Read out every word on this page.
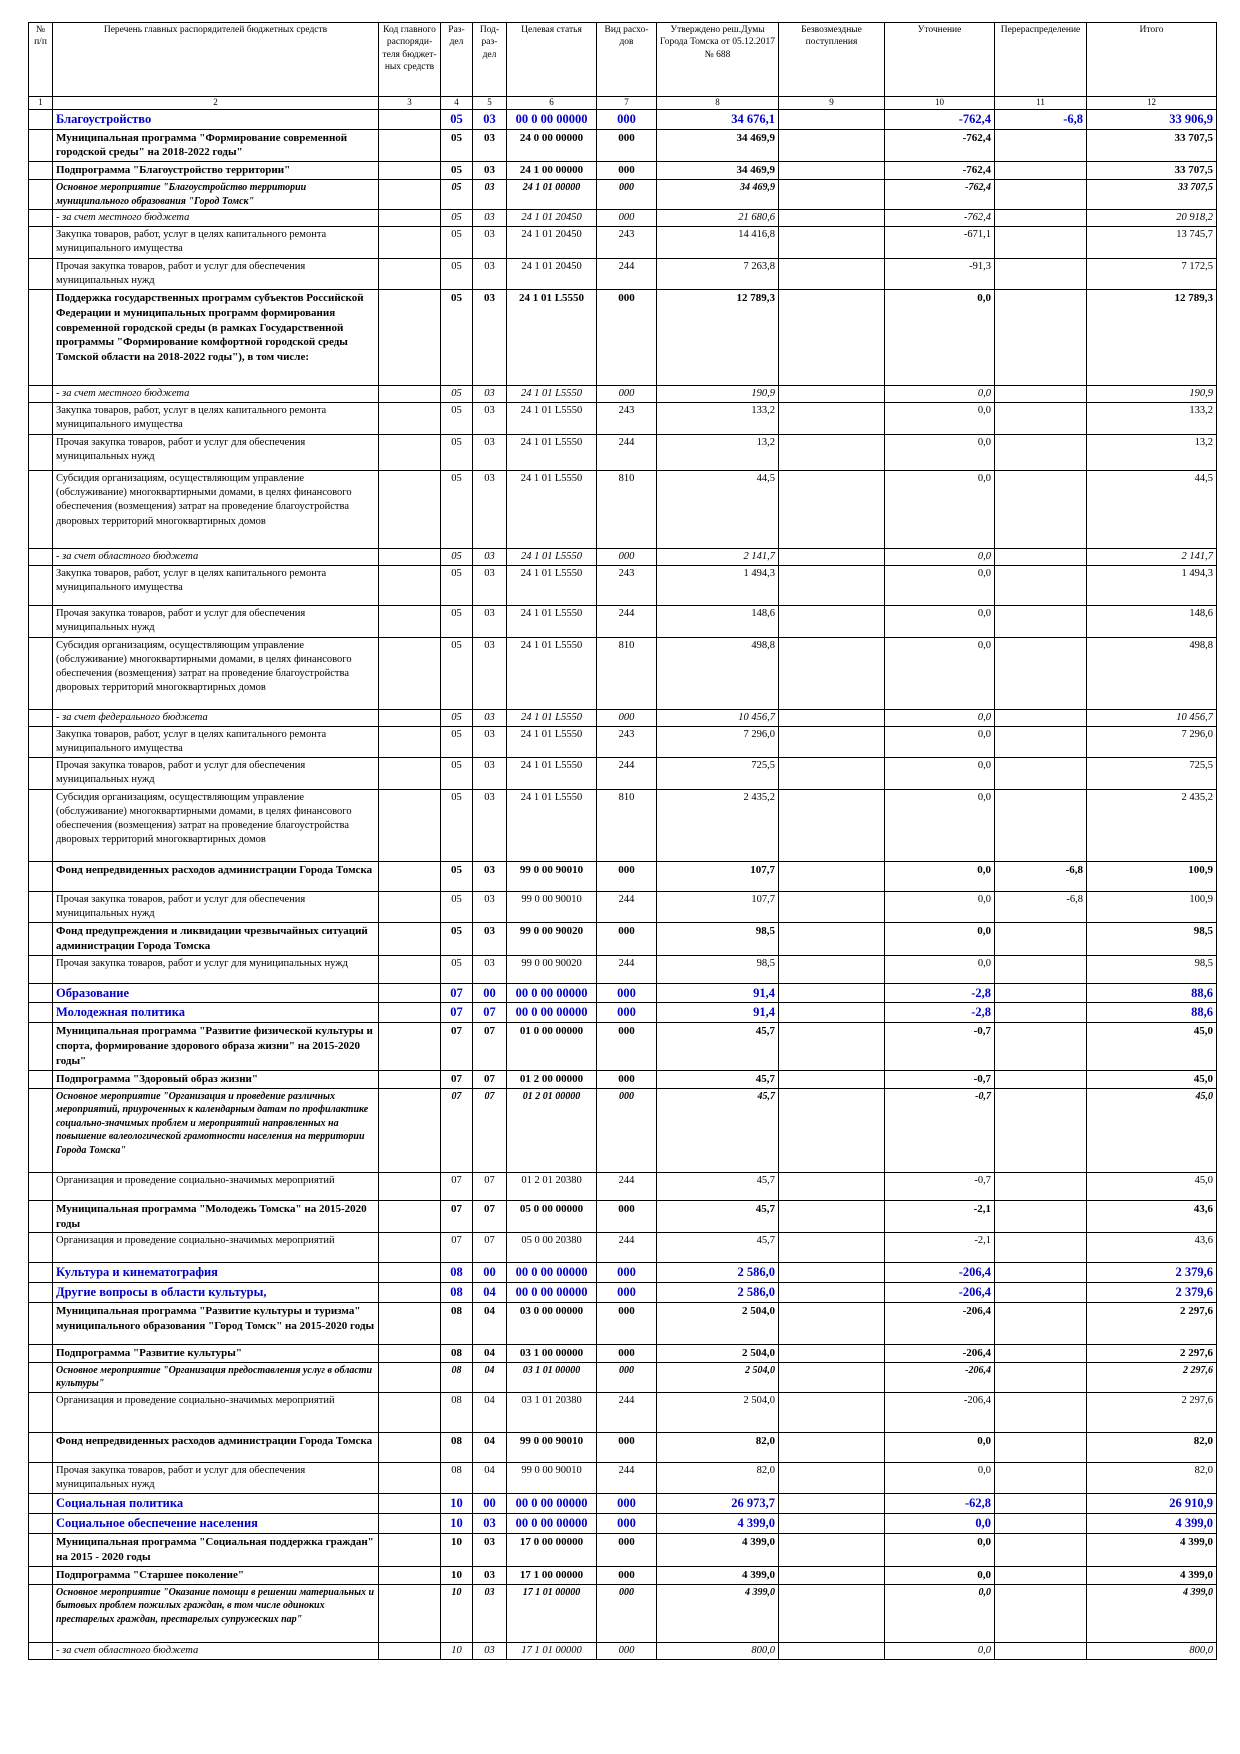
№ п/п	Перечень главных распорядителей бюджетных средств	Код главного распоряди-теля бюджет-ных средств	Раз-дел	Под-раз-дел	Целевая статья	Вид расхо-дов	Утверждено реш.Думы Города Томска от 05.12.2017 № 688	Безвозмездные поступления	Уточнение	Перераспределение	Итого
1	2	3	4	5	6	7	8	9	10	11	12
	Благоустройство		05	03	00 0 00 00000	000	34 676,1		-762,4	-6,8	33 906,9
	Муниципальная программа "Формирование современной городской среды" на 2018-2022 годы"		05	03	24 0 00 00000	000	34 469,9		-762,4		33 707,5
	Подпрограмма "Благоустройство территории"		05	03	24 1 00 00000	000	34 469,9		-762,4		33 707,5
	Основное мероприятие "Благоустройство территории муниципального образования "Город Томск"		05	03	24 1 01 00000	000	34 469,9		-762,4		33 707,5
	- за счет местного бюджета		05	03	24 1 01 20450	000	21 680,6		-762,4		20 918,2
	Закупка товаров, работ, услуг в целях капитального ремонта муниципального имущества		05	03	24 1 01 20450	243	14 416,8		-671,1		13 745,7
	Прочая закупка товаров, работ и услуг для обеспечения муниципальных нужд		05	03	24 1 01 20450	244	7 263,8		-91,3		7 172,5
	Поддержка государственных программ субъектов Российской Федерации и муниципальных программ формирования современной городской среды (в рамках Государственной программы "Формирование комфортной городской среды Томской области на 2018-2022 годы"), в том числе:		05	03	24 1 01 L5550	000	12 789,3		0,0		12 789,3
	- за счет местного бюджета		05	03	24 1 01 L5550	000	190,9		0,0		190,9
	Закупка товаров, работ, услуг в целях капитального ремонта муниципального имущества		05	03	24 1 01 L5550	243	133,2		0,0		133,2
	Прочая закупка товаров, работ и услуг для обеспечения муниципальных нужд		05	03	24 1 01 L5550	244	13,2		0,0		13,2
	Субсидия организациям, осуществляющим управление (обслуживание) многоквартирными домами, в целях финансового обеспечения (возмещения) затрат на проведение благоустройства дворовых территорий многоквартирных домов		05	03	24 1 01 L5550	810	44,5		0,0		44,5
	- за счет областного бюджета		05	03	24 1 01 L5550	000	2 141,7		0,0		2 141,7
	Закупка товаров, работ, услуг в целях капитального ремонта муниципального имущества		05	03	24 1 01 L5550	243	1 494,3		0,0		1 494,3
	Прочая закупка товаров, работ и услуг для обеспечения муниципальных нужд		05	03	24 1 01 L5550	244	148,6		0,0		148,6
	Субсидия организациям, осуществляющим управление (обслуживание) многоквартирными домами, в целях финансового обеспечения (возмещения) затрат на проведение благоустройства дворовых территорий многоквартирных домов		05	03	24 1 01 L5550	810	498,8		0,0		498,8
	- за счет федерального бюджета		05	03	24 1 01 L5550	000	10 456,7		0,0		10 456,7
	Закупка товаров, работ, услуг в целях капитального ремонта муниципального имущества		05	03	24 1 01 L5550	243	7 296,0		0,0		7 296,0
	Прочая закупка товаров, работ и услуг для обеспечения муниципальных нужд		05	03	24 1 01 L5550	244	725,5		0,0		725,5
	Субсидия организациям, осуществляющим управление (обслуживание) многоквартирными домами, в целях финансового обеспечения (возмещения) затрат на проведение благоустройства дворовых территорий многоквартирных домов		05	03	24 1 01 L5550	810	2 435,2		0,0		2 435,2
	Фонд непредвиденных расходов администрации Города Томска		05	03	99 0 00 90010	000	107,7		0,0	-6,8	100,9
	Прочая закупка товаров, работ и услуг для обеспечения муниципальных нужд		05	03	99 0 00 90010	244	107,7		0,0	-6,8	100,9
	Фонд предупреждения и ликвидации чрезвычайных ситуаций администрации Города Томска		05	03	99 0 00 90020	000	98,5		0,0		98,5
	Прочая закупка товаров, работ и услуг для муниципальных нужд		05	03	99 0 00 90020	244	98,5		0,0		98,5
	Образование		07	00	00 0 00 00000	000	91,4		-2,8		88,6
	Молодежная политика		07	07	00 0 00 00000	000	91,4		-2,8		88,6
	Муниципальная программа "Развитие физической культуры и спорта, формирование здорового образа жизни" на 2015-2020 годы"		07	07	01 0 00 00000	000	45,7		-0,7		45,0
	Подпрограмма "Здоровый образ жизни"		07	07	01 2 00 00000	000	45,7		-0,7		45,0
	Основное мероприятие "Организация и проведение различных мероприятий, приуроченных к календарным датам по профилактике социально-значимых проблем и мероприятий направленных на повышение валеологической грамотности населения на территории Города Томска"		07	07	01 2 01 00000	000	45,7		-0,7		45,0
	Организация и проведение социально-значимых мероприятий		07	07	01 2 01 20380	244	45,7		-0,7		45,0
	Муниципальная программа "Молодежь Томска" на 2015-2020 годы		07	07	05 0 00 00000	000	45,7		-2,1		43,6
	Организация и проведение социально-значимых мероприятий		07	07	05 0 00 20380	244	45,7		-2,1		43,6
	Культура и кинематография		08	00	00 0 00 00000	000	2 586,0		-206,4		2 379,6
	Другие вопросы в области культуры,		08	04	00 0 00 00000	000	2 586,0		-206,4		2 379,6
	Муниципальная программа "Развитие культуры и туризма" муниципального образования "Город Томск" на 2015-2020 годы		08	04	03 0 00 00000	000	2 504,0		-206,4		2 297,6
	Подпрограмма "Развитие культуры"		08	04	03 1 00 00000	000	2 504,0		-206,4		2 297,6
	Основное мероприятие "Организация предоставления услуг в области культуры"		08	04	03 1 01 00000	000	2 504,0		-206,4		2 297,6
	Организация и проведение социально-значимых мероприятий		08	04	03 1 01 20380	244	2 504,0		-206,4		2 297,6
	Фонд непредвиденных расходов администрации Города Томска		08	04	99 0 00 90010	000	82,0		0,0		82,0
	Прочая закупка товаров, работ и услуг для обеспечения муниципальных нужд		08	04	99 0 00 90010	244	82,0		0,0		82,0
	Социальная политика		10	00	00 0 00 00000	000	26 973,7		-62,8		26 910,9
	Социальное обеспечение населения		10	03	00 0 00 00000	000	4 399,0		0,0		4 399,0
	Муниципальная программа "Социальная поддержка граждан" на 2015 - 2020 годы		10	03	17 0 00 00000	000	4 399,0		0,0		4 399,0
	Подпрограмма "Старшее поколение"		10	03	17 1 00 00000	000	4 399,0		0,0		4 399,0
	Основное мероприятие "Оказание помощи в решении материальных и бытовых проблем пожилых граждан, в том числе одиноких престарелых граждан, престарелых супружеских пар"		10	03	17 1 01 00000	000	4 399,0		0,0		4 399,0
	- за счет областного бюджета		10	03	17 1 01 00000	000	800,0		0,0		800,0
